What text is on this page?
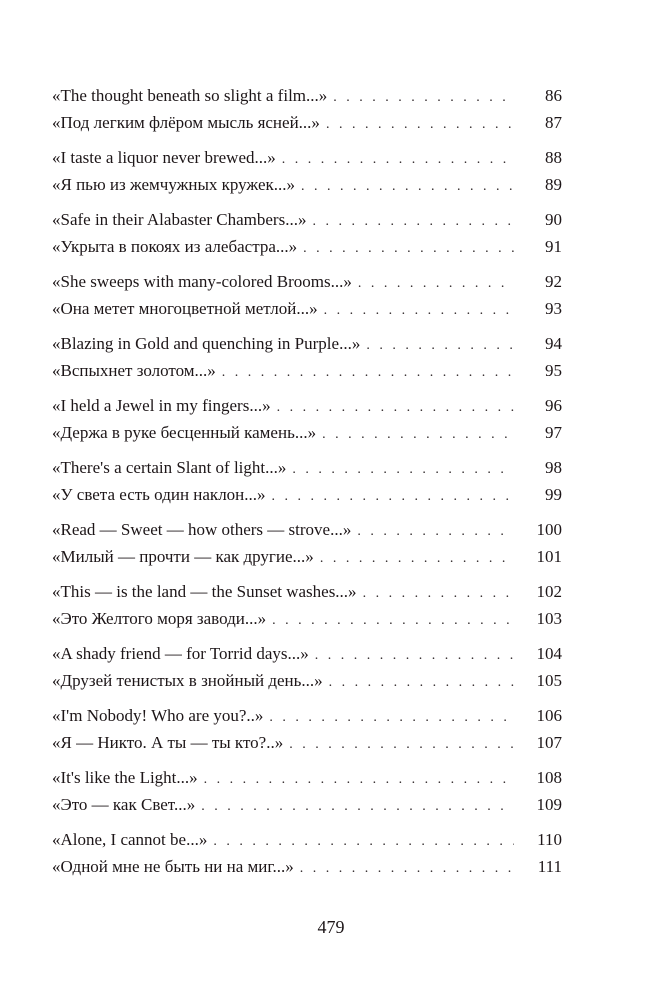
«The thought beneath so slight a film...» . . .	86
«Под легким флёром мысль ясней...» . . .	87
«I taste a liquor never brewed...» . . .	88
«Я пью из жемчужных кружек...» . . .	89
«Safe in their Alabaster Chambers...» . . .	90
«Укрыта в покоях из алебастра...» . . .	91
«She sweeps with many-colored Brooms...» . . .	92
«Она метет многоцветной метлой...» . . .	93
«Blazing in Gold and quenching in Purple...» . . .	94
«Вспыхнет золотом...» . . .	95
«I held a Jewel in my fingers...» . . .	96
«Держа в руке бесценный камень...» . . .	97
«There's a certain Slant of light...» . . .	98
«У света есть один наклон...» . . .	99
«Read — Sweet — how others — strove...» . . .	100
«Милый — прочти — как другие...» . . .	101
«This — is the land — the Sunset washes...» . . .	102
«Это Желтого моря заводи...» . . .	103
«A shady friend — for Torrid days...» . . .	104
«Друзей тенистых в знойный день...» . . .	105
«I'm Nobody! Who are you?..» . . .	106
«Я — Никто. А ты — ты кто?..» . . .	107
«It's like the Light...» . . .	108
«Это — как Свет...» . . .	109
«Alone, I cannot be...» . . .	110
«Одной мне не быть ни на миг...» . . .	111
479
